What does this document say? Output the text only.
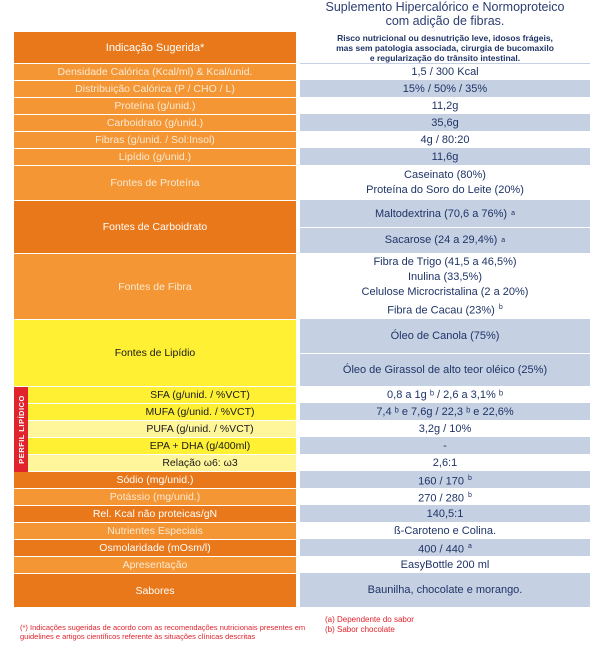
Suplemento Hipercalórico e Normoproteico
com adição de fibras.
Indicação Sugerida*
Risco nutricional ou desnutrição leve, idosos frágeis,
mas sem patologia associada, cirurgia de bucomaxilo
e regularização do trânsito intestinal.
Densidade Calórica (Kcal/ml) & Kcal/unid.	1,5 / 300 Kcal
Distribuição Calórica (P / CHO / L)	15% / 50% / 35%
Proteína (g/unid.)	11,2g
Carboidrato (g/unid.)	35,6g
Fibras (g/unid. / Sol:Insol)	4g / 80:20
Lipídio (g/unid.)	11,6g
Fontes de Proteína
Caseinato (80%)
Proteína do Soro do Leite (20%)
Fontes de Carboidrato
Maltodextrina (70,6 a 76%) a
Sacarose (24 a 29,4%) a
Fontes de Fibra
Fibra de Trigo (41,5 a 46,5%)
Inulina (33,5%)
Celulose Microcristalina (2 a 20%)
Fibra de Cacau (23%) $^b$
Fontes de Lipídio
Óleo de Canola (75%)
Óleo de Girassol de alto teor oléico (25%)
SFA (g/unid. / %VCT)	0,8 a 1g ᵇ / 2,6 a 3,1% ᵇ
MUFA (g/unid. / %VCT)	7,4 ᵇ e 7,6g / 22,3 ᵇ e 22,6%
PUFA (g/unid. / %VCT)	3,2g / 10%
EPA + DHA (g/400ml)	-
Relação ω6: ω3	2,6:1
Sódio (mg/unid.)	160 / 170 $^b$
Potássio (mg/unid.)	270 / 280 $^b$
Rel. Kcal não proteicas/gN	140,5:1
Nutrientes Especiais	ß-Caroteno e Colina.
Osmolaridade (mOsm/l)	400 / 440 $^a$
Apresentação	EasyBottle 200 ml
Sabores	Baunilha, chocolate e morango.
PERFIL LIPÍDICO
(*) Indicações sugeridas de acordo com as recomendações nutricionais presentes em guidelines e artigos científicos referente às situações clínicas descritas
(a) Dependente do sabor
(b) Sabor chocolate
